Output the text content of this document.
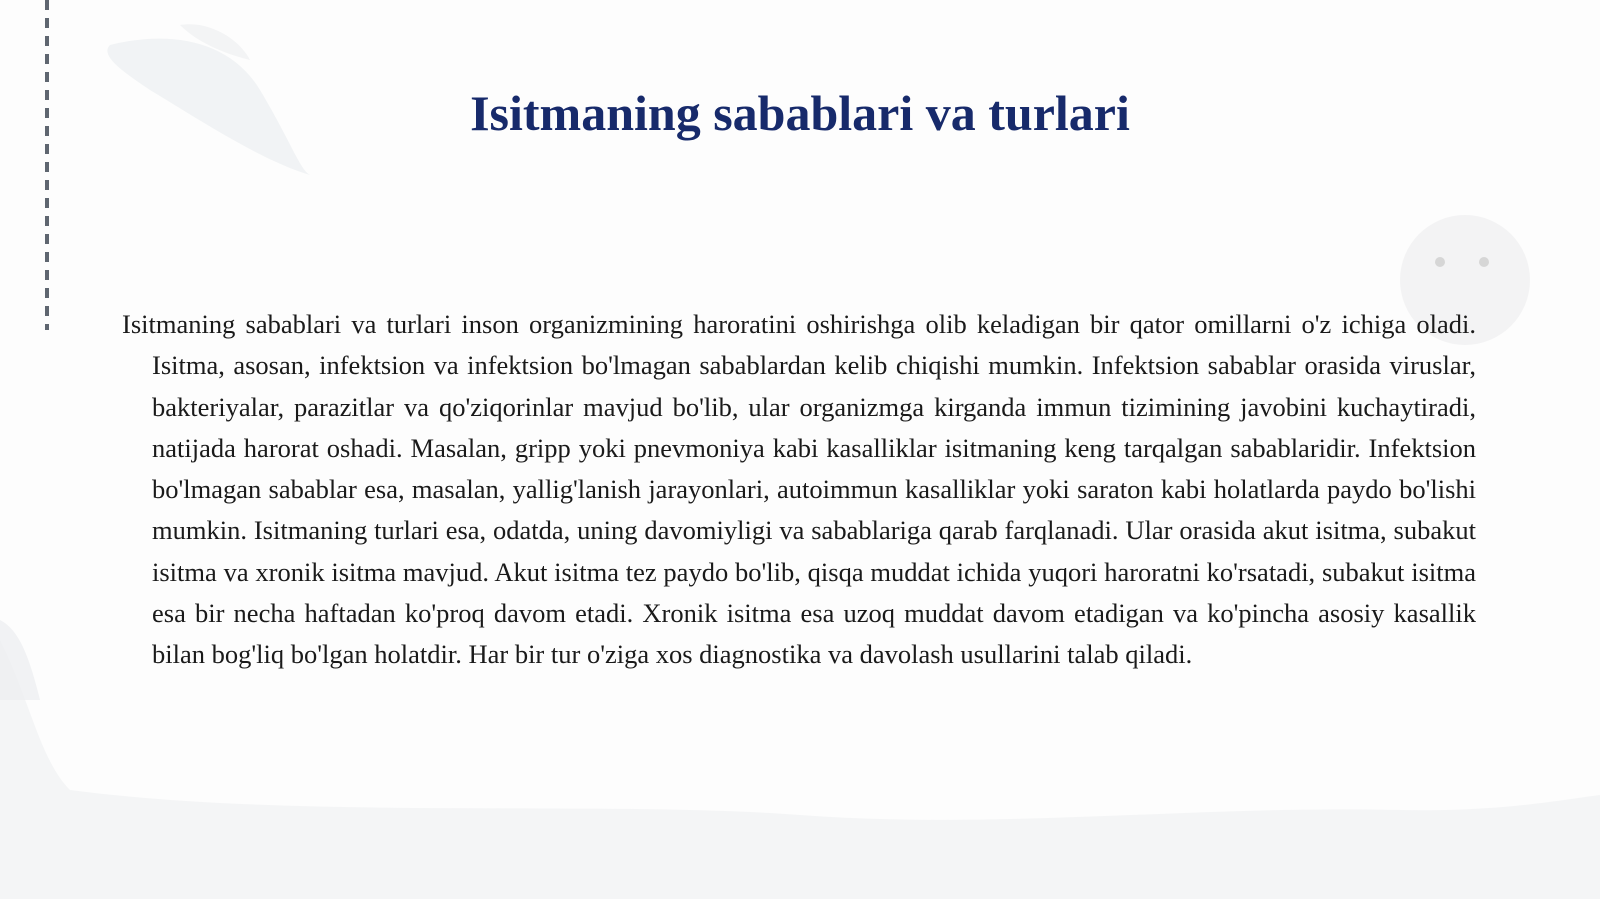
Isitmaning sabablari va turlari

Isitmaning sabablari va turlari inson organizmining haroratini oshirishga olib keladigan bir qator omillarni o'z ichiga oladi. Isitma, asosan, infektsion va infektsion bo'lmagan sabablardan kelib chiqishi mumkin. Infektsion sabablar orasida viruslar, bakteriyalar, parazitlar va qo'ziqorinlar mavjud bo'lib, ular organizmga kirganda immun tizimining javobini kuchaytiradi, natijada harorat oshadi. Masalan, gripp yoki pnevmoniya kabi kasalliklar isitmaning keng tarqalgan sabablaridir. Infektsion bo'lmagan sabablar esa, masalan, yallig'lanish jarayonlari, autoimmun kasalliklar yoki saraton kabi holatlarda paydo bo'lishi mumkin. Isitmaning turlari esa, odatda, uning davomiyligi va sabablariga qarab farqlanadi. Ular orasida akut isitma, subakut isitma va xronik isitma mavjud. Akut isitma tez paydo bo'lib, qisqa muddat ichida yuqori haroratni ko'rsatadi, subakut isitma esa bir necha haftadan ko'proq davom etadi. Xronik isitma esa uzoq muddat davom etadigan va ko'pincha asosiy kasallik bilan bog'liq bo'lgan holatdir. Har bir tur o'ziga xos diagnostika va davolash usullarini talab qiladi.
